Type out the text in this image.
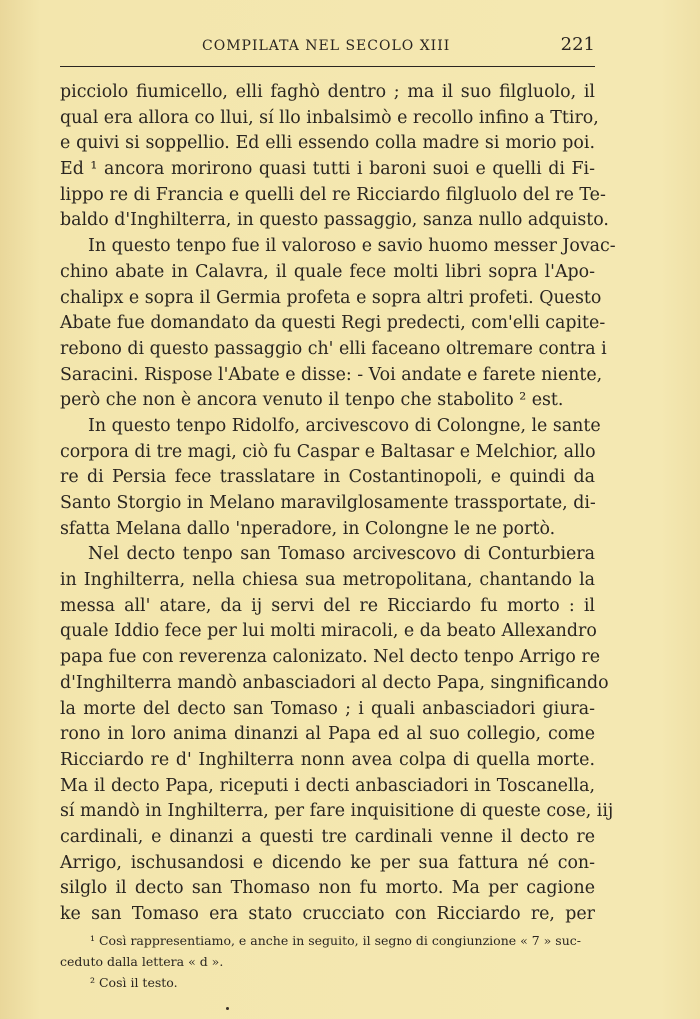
COMPILATA NEL SECOLO XIII	221
picciolo fiumicello, elli faghò dentro ; ma il suo filgluolo, il
qual era allora co llui, sí llo inbalsimò e recollo infino a Ttiro,
e quivi si soppellio. Ed elli essendo colla madre si morio poi.
Ed ¹ ancora morirono quasi tutti i baroni suoi e quelli di Fi-
lippo re di Francia e quelli del re Ricciardo filgluolo del re Te-
baldo d'Inghilterra, in questo passaggio, sanza nullo adquisto.
In questo tenpo fue il valoroso e savio huomo messer Jovac-
chino abate in Calavra, il quale fece molti libri sopra l'Apo-
chalipx e sopra il Germia profeta e sopra altri profeti. Questo
Abate fue domandato da questi Regi predecti, com'elli capite-
rebono di questo passaggio ch' elli faceano oltremare contra i
Saracini. Rispose l'Abate e disse: - Voi andate e farete niente,
però che non è ancora venuto il tenpo che stabolito ² est.
In questo tenpo Ridolfo, arcivescovo di Colongne, le sante
corpora di tre magi, ciò fu Caspar e Baltasar e Melchior, allo
re di Persia fece trasslatare in Costantinopoli, e quindi da
Santo Storgio in Melano maravilglosamente trassportate, di-
sfatta Melana dallo 'nperadore, in Colongne le ne portò.
Nel decto tenpo san Tomaso arcivescovo di Conturbiera
in Inghilterra, nella chiesa sua metropolitana, chantando la
messa all' atare, da ij servi del re Ricciardo fu morto : il
quale Iddio fece per lui molti miracoli, e da beato Allexandro
papa fue con reverenza calonizato. Nel decto tenpo Arrigo re
d'Inghilterra mandò anbasciadori al decto Papa, singnificando
la morte del decto san Tomaso ; i quali anbasciadori giura-
rono in loro anima dinanzi al Papa ed al suo collegio, come
Ricciardo re d' Inghilterra nonn avea colpa di quella morte.
Ma il decto Papa, riceputi i decti anbasciadori in Toscanella,
sí mandò in Inghilterra, per fare inquisitione di queste cose, iij
cardinali, e dinanzi a questi tre cardinali venne il decto re
Arrigo, ischusandosi e dicendo ke per sua fattura né con-
silglo il decto san Thomaso non fu morto. Ma per cagione
ke san Tomaso era stato crucciato con Ricciardo re, per
¹ Così rappresentiamo, e anche in seguito, il segno di congiunzione « 7 » suc-
ceduto dalla lettera « d ».
² Così il testo.
